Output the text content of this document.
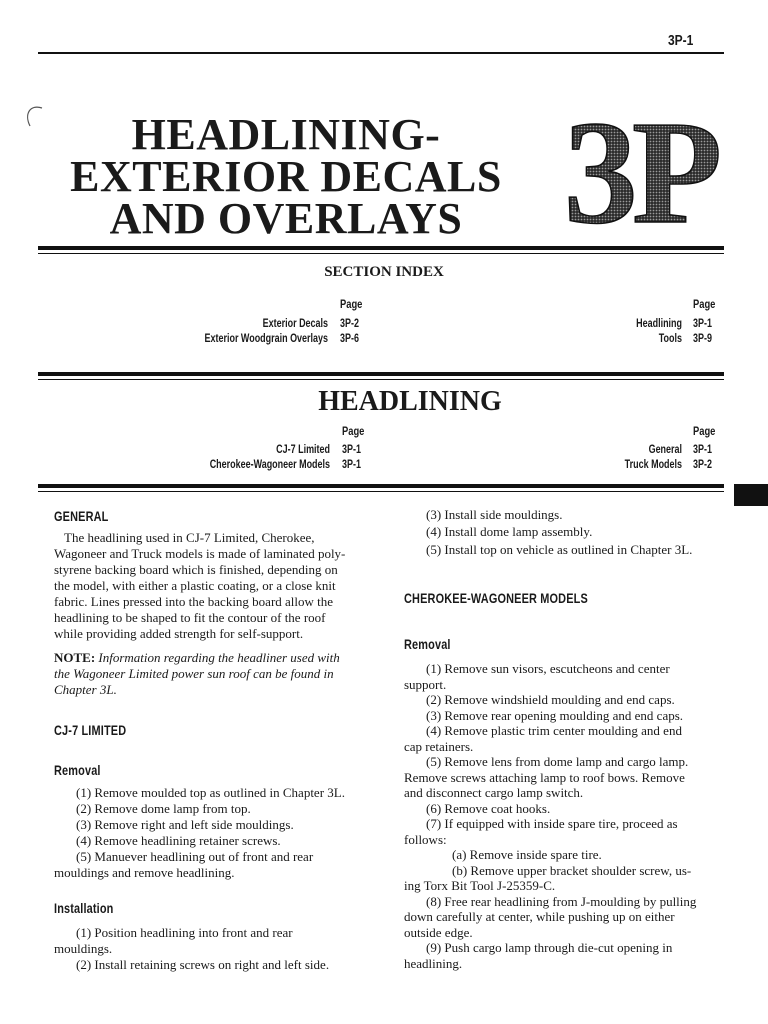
3P-1
HEADLINING-
EXTERIOR DECALS
AND OVERLAYS 3P
SECTION INDEX
Page	Page
Exterior Decals 3P-2
Exterior Woodgrain Overlays 3P-6
Headlining 3P-1
Tools 3P-9
HEADLINING
Page	Page
CJ-7 Limited 3P-1
Cherokee-Wagoneer Models 3P-1
General 3P-1
Truck Models 3P-2
GENERAL
The headlining used in CJ-7 Limited, Cherokee,
Wagoneer and Truck models is made of laminated poly-
styrene backing board which is finished, depending on
the model, with either a plastic coating, or a close knit
fabric. Lines pressed into the backing board allow the
headlining to be shaped to fit the contour of the roof
while providing added strength for self-support.
NOTE: Information regarding the headliner used with
the Wagoneer Limited power sun roof can be found in
Chapter 3L.
CJ-7 LIMITED
Removal
(1) Remove moulded top as outlined in Chapter 3L.
(2) Remove dome lamp from top.
(3) Remove right and left side mouldings.
(4) Remove headlining retainer screws.
(5) Manuever headlining out of front and rear
mouldings and remove headlining.
Installation
(1) Position headlining into front and rear
mouldings.
(2) Install retaining screws on right and left side.
(3) Install side mouldings.
(4) Install dome lamp assembly.
(5) Install top on vehicle as outlined in Chapter 3L.
CHEROKEE-WAGONEER MODELS
Removal
(1) Remove sun visors, escutcheons and center
support.
(2) Remove windshield moulding and end caps.
(3) Remove rear opening moulding and end caps.
(4) Remove plastic trim center moulding and end
cap retainers.
(5) Remove lens from dome lamp and cargo lamp.
Remove screws attaching lamp to roof bows. Remove
and disconnect cargo lamp switch.
(6) Remove coat hooks.
(7) If equipped with inside spare tire, proceed as
follows:
(a) Remove inside spare tire.
(b) Remove upper bracket shoulder screw, us-
ing Torx Bit Tool J-25359-C.
(8) Free rear headlining from J-moulding by pulling
down carefully at center, while pushing up on either
outside edge.
(9) Push cargo lamp through die-cut opening in
headlining.
